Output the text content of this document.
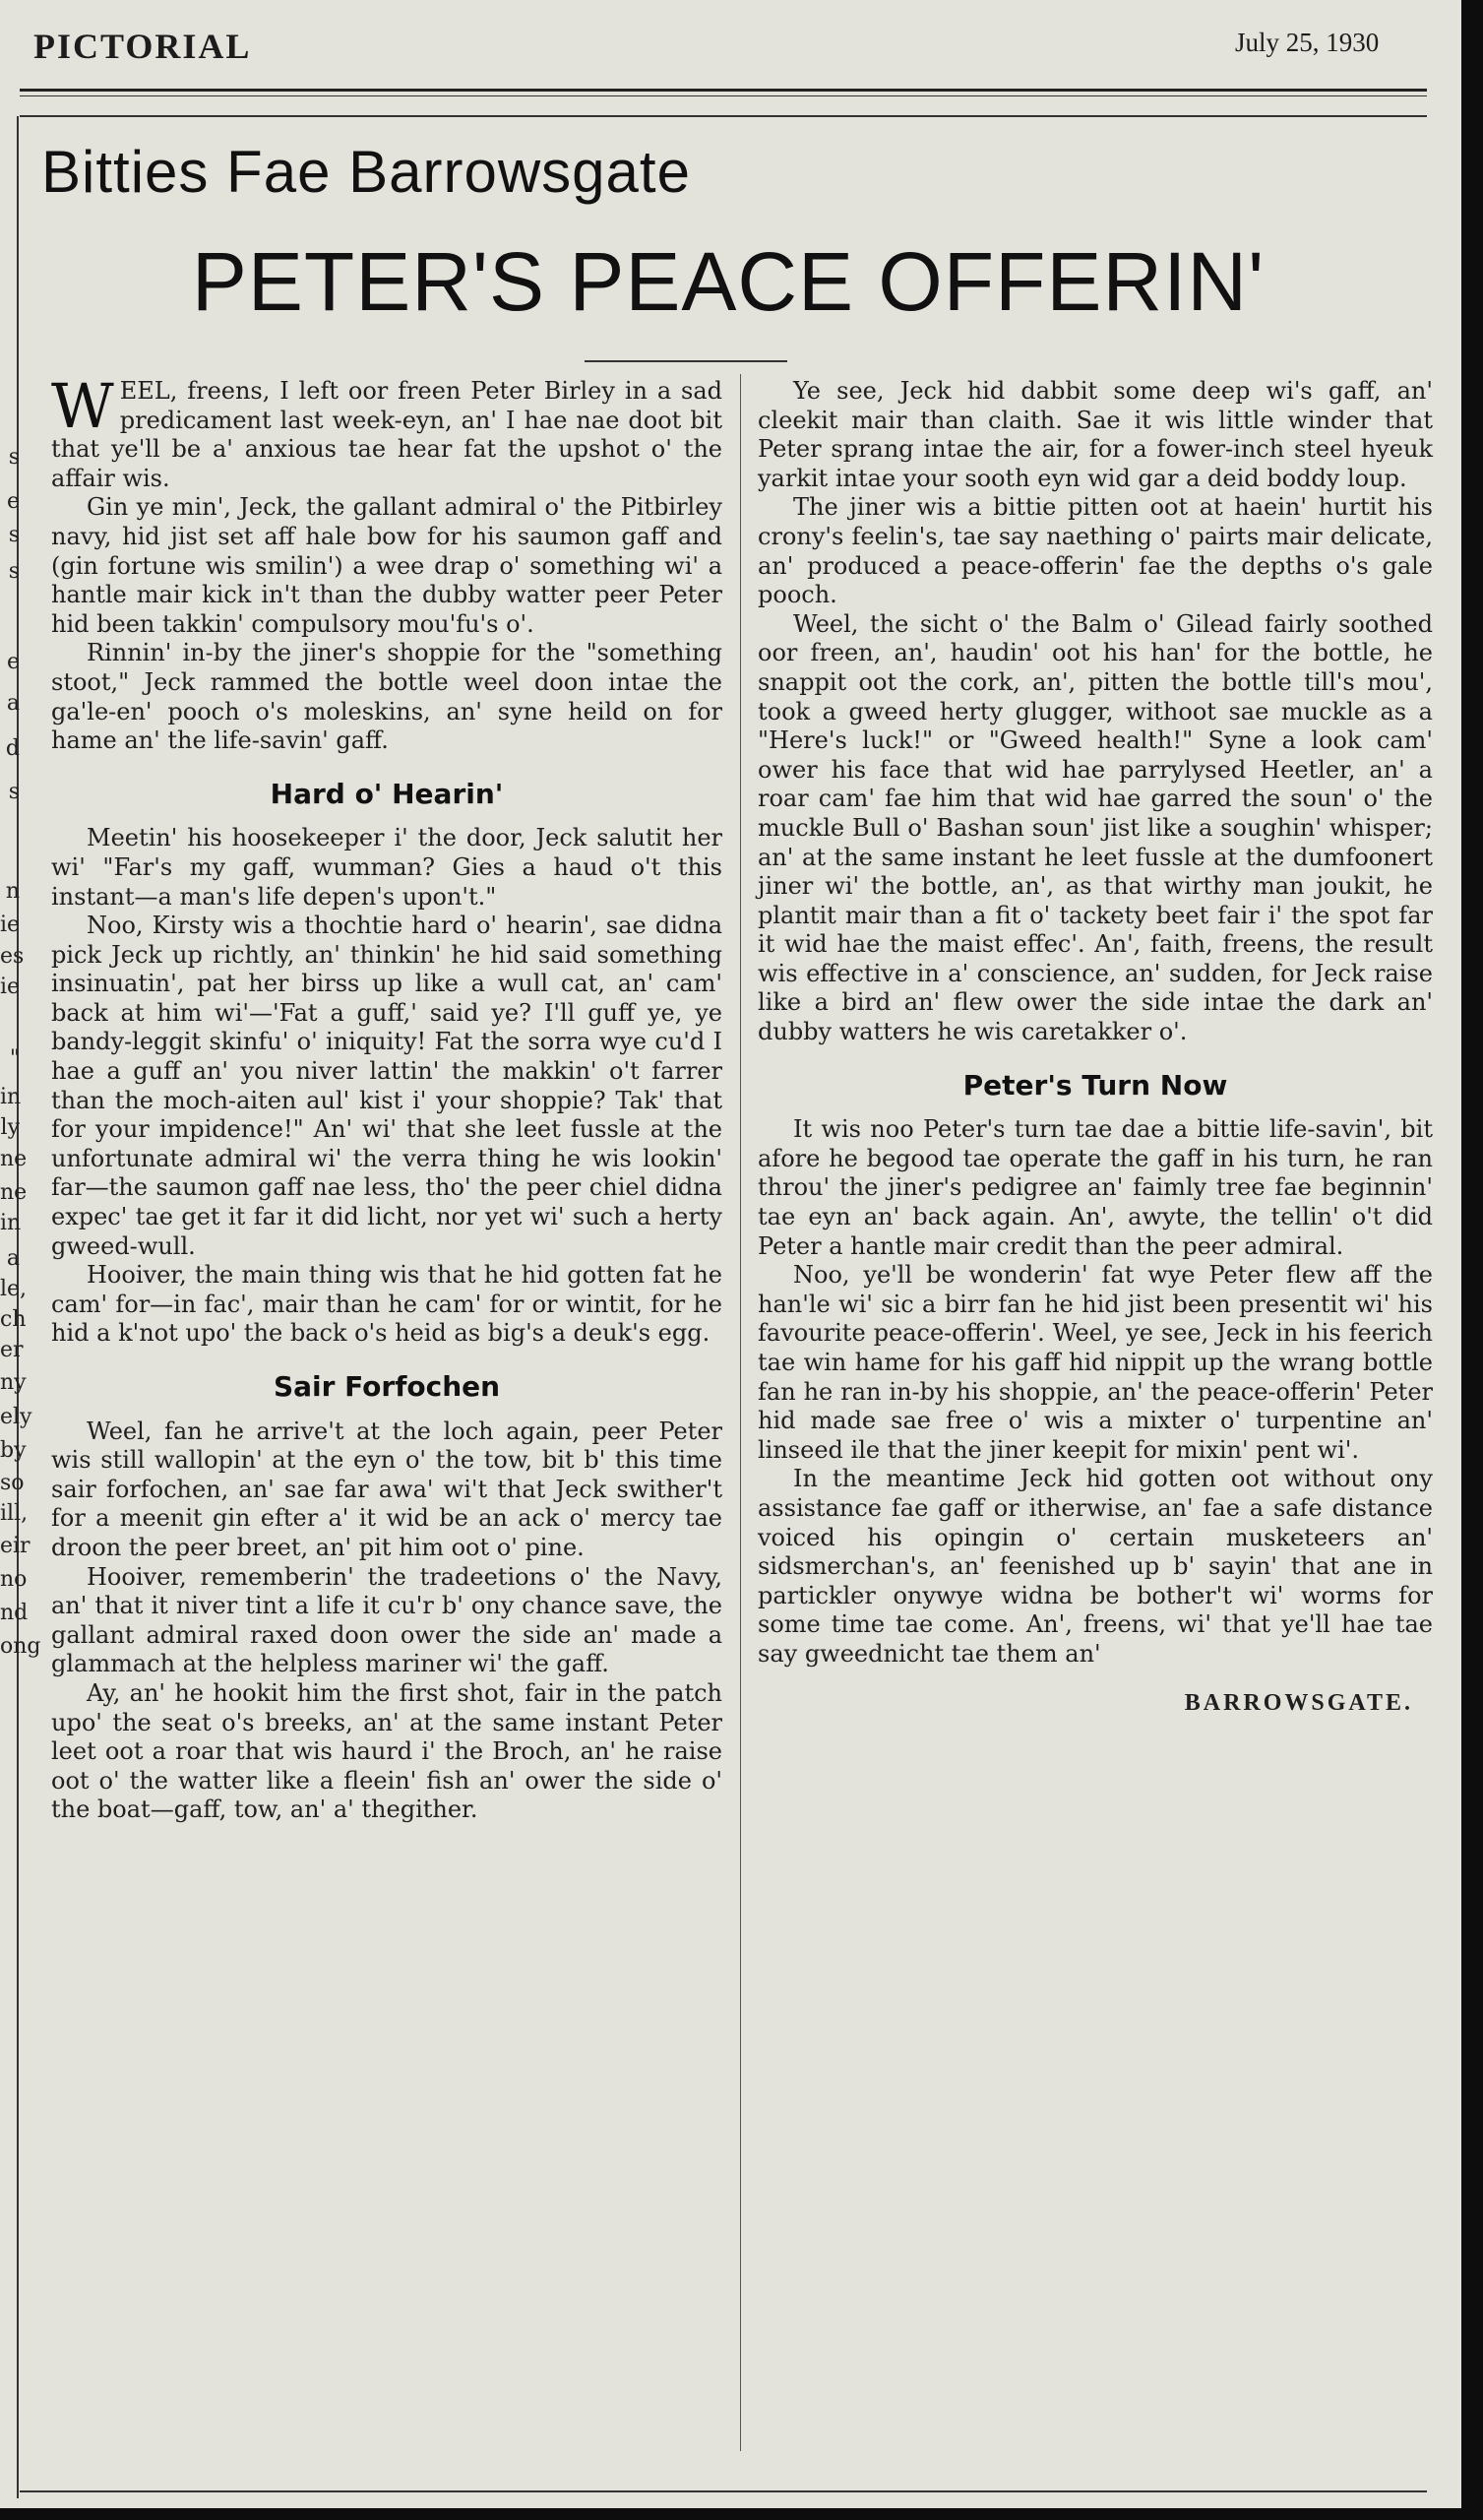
PICTORIAL	July 25, 1930
s
e
s
s
e
a
d
s
n
ie
es
ie
"
in
ly
ne
ne
in
a
le,
ch
er
ny
ely
by
so
ill,
eir
no
nd
ong
Bitties Fae Barrowsgate
PETER'S PEACE OFFERIN'

WEEL, freens, I left oor freen Peter Birley in a sad predicament last week-eyn, an' I hae nae doot bit that ye'll be a' anxious tae hear fat the upshot o' the affair wis.

Gin ye min', Jeck, the gallant admiral o' the Pitbirley navy, hid jist set aff hale bow for his saumon gaff and (gin fortune wis smilin') a wee drap o' something wi' a hantle mair kick in't than the dubby watter peer Peter hid been takkin' compulsory mou'fu's o'.

Rinnin' in-by the jiner's shoppie for the "something stoot," Jeck rammed the bottle weel doon intae the ga'le-en' pooch o's moleskins, an' syne heild on for hame an' the life-savin' gaff.

Hard o' Hearin'

Meetin' his hoosekeeper i' the door, Jeck salutit her wi' "Far's my gaff, wumman? Gies a haud o't this instant—a man's life depen's upon't."

Noo, Kirsty wis a thochtie hard o' hearin', sae didna pick Jeck up richtly, an' thinkin' he hid said something insinuatin', pat her birss up like a wull cat, an' cam' back at him wi'—'Fat a guff,' said ye? I'll guff ye, ye bandy-leggit skinfu' o' iniquity! Fat the sorra wye cu'd I hae a guff an' you niver lattin' the makkin' o't farrer than the moch-aiten aul' kist i' your shoppie? Tak' that for your impidence!" An' wi' that she leet fussle at the unfortunate admiral wi' the verra thing he wis lookin' far—the saumon gaff nae less, tho' the peer chiel didna expec' tae get it far it did licht, nor yet wi' such a herty gweed-wull.

Hooiver, the main thing wis that he hid gotten fat he cam' for—in fac', mair than he cam' for or wintit, for he hid a k'not upo' the back o's heid as big's a deuk's egg.

Sair Forfochen

Weel, fan he arrive't at the loch again, peer Peter wis still wallopin' at the eyn o' the tow, bit b' this time sair forfochen, an' sae far awa' wi't that Jeck swither't for a meenit gin efter a' it wid be an ack o' mercy tae droon the peer breet, an' pit him oot o' pine.

Hooiver, rememberin' the tradeetions o' the Navy, an' that it niver tint a life it cu'r b' ony chance save, the gallant admiral raxed doon ower the side an' made a glammach at the helpless mariner wi' the gaff.

Ay, an' he hookit him the first shot, fair in the patch upo' the seat o's breeks, an' at the same instant Peter leet oot a roar that wis haurd i' the Broch, an' he raise oot o' the watter like a fleein' fish an' ower the side o' the boat—gaff, tow, an' a' thegither.

Ye see, Jeck hid dabbit some deep wi's gaff, an' cleekit mair than claith. Sae it wis little winder that Peter sprang intae the air, for a fower-inch steel hyeuk yarkit intae your sooth eyn wid gar a deid boddy loup.

The jiner wis a bittie pitten oot at haein' hurtit his crony's feelin's, tae say naething o' pairts mair delicate, an' produced a peace-offerin' fae the depths o's gale pooch.

Weel, the sicht o' the Balm o' Gilead fairly soothed oor freen, an', haudin' oot his han' for the bottle, he snappit oot the cork, an', pitten the bottle till's mou', took a gweed herty glugger, withoot sae muckle as a "Here's luck!" or "Gweed health!" Syne a look cam' ower his face that wid hae parrylysed Heetler, an' a roar cam' fae him that wid hae garred the soun' o' the muckle Bull o' Bashan soun' jist like a soughin' whisper; an' at the same instant he leet fussle at the dumfoonert jiner wi' the bottle, an', as that wirthy man joukit, he plantit mair than a fit o' tackety beet fair i' the spot far it wid hae the maist effec'. An', faith, freens, the result wis effective in a' conscience, an' sudden, for Jeck raise like a bird an' flew ower the side intae the dark an' dubby watters he wis caretakker o'.

Peter's Turn Now

It wis noo Peter's turn tae dae a bittie life-savin', bit afore he begood tae operate the gaff in his turn, he ran throu' the jiner's pedigree an' faimly tree fae beginnin' tae eyn an' back again. An', awyte, the tellin' o't did Peter a hantle mair credit than the peer admiral.

Noo, ye'll be wonderin' fat wye Peter flew aff the han'le wi' sic a birr fan he hid jist been presentit wi' his favourite peace-offerin'. Weel, ye see, Jeck in his feerich tae win hame for his gaff hid nippit up the wrang bottle fan he ran in-by his shoppie, an' the peace-offerin' Peter hid made sae free o' wis a mixter o' turpentine an' linseed ile that the jiner keepit for mixin' pent wi'.

In the meantime Jeck hid gotten oot without ony assistance fae gaff or itherwise, an' fae a safe distance voiced his opingin o' certain musketeers an' sidsmerchan's, an' feenished up b' sayin' that ane in partickler onywye widna be bother't wi' worms for some time tae come. An', freens, wi' that ye'll hae tae say gweednicht tae them an'

BARROWSGATE.
